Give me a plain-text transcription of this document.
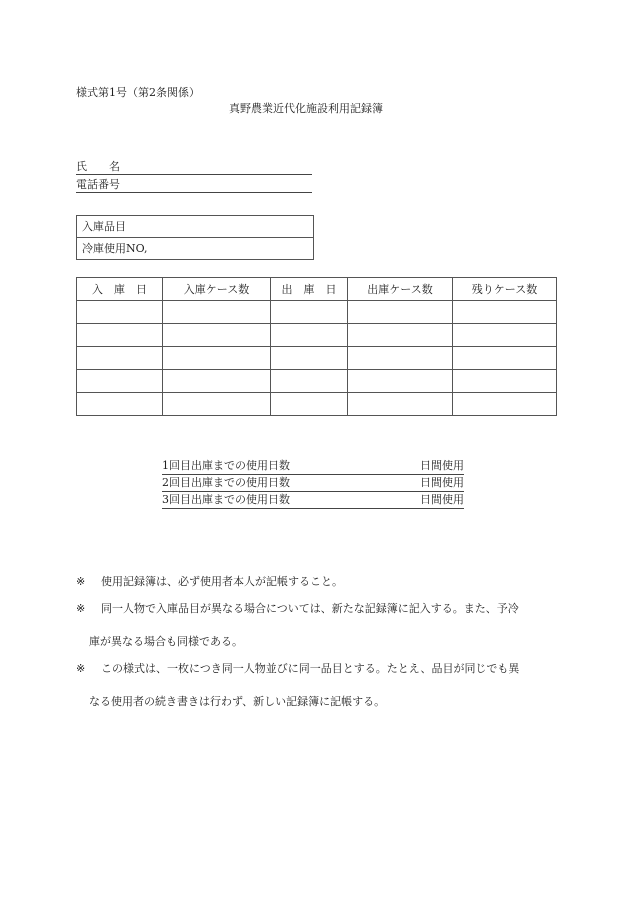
様式第1号（第2条関係）
真野農業近代化施設利用記録簿
氏　　名
電話番号
入庫品目
冷庫使用NO,
入　庫　日	入庫ケース数	出　庫　日	出庫ケース数	残りケース数

1回目出庫までの使用日数	日間使用
2回目出庫までの使用日数	日間使用
3回目出庫までの使用日数	日間使用
※	使用記録簿は、必ず使用者本人が記帳すること。
※	同一人物で入庫品目が異なる場合については、新たな記録簿に記入する。また、予冷
庫が異なる場合も同様である。
※	この様式は、一枚につき同一人物並びに同一品目とする。たとえ、品目が同じでも異
なる使用者の続き書きは行わず、新しい記録簿に記帳する。
